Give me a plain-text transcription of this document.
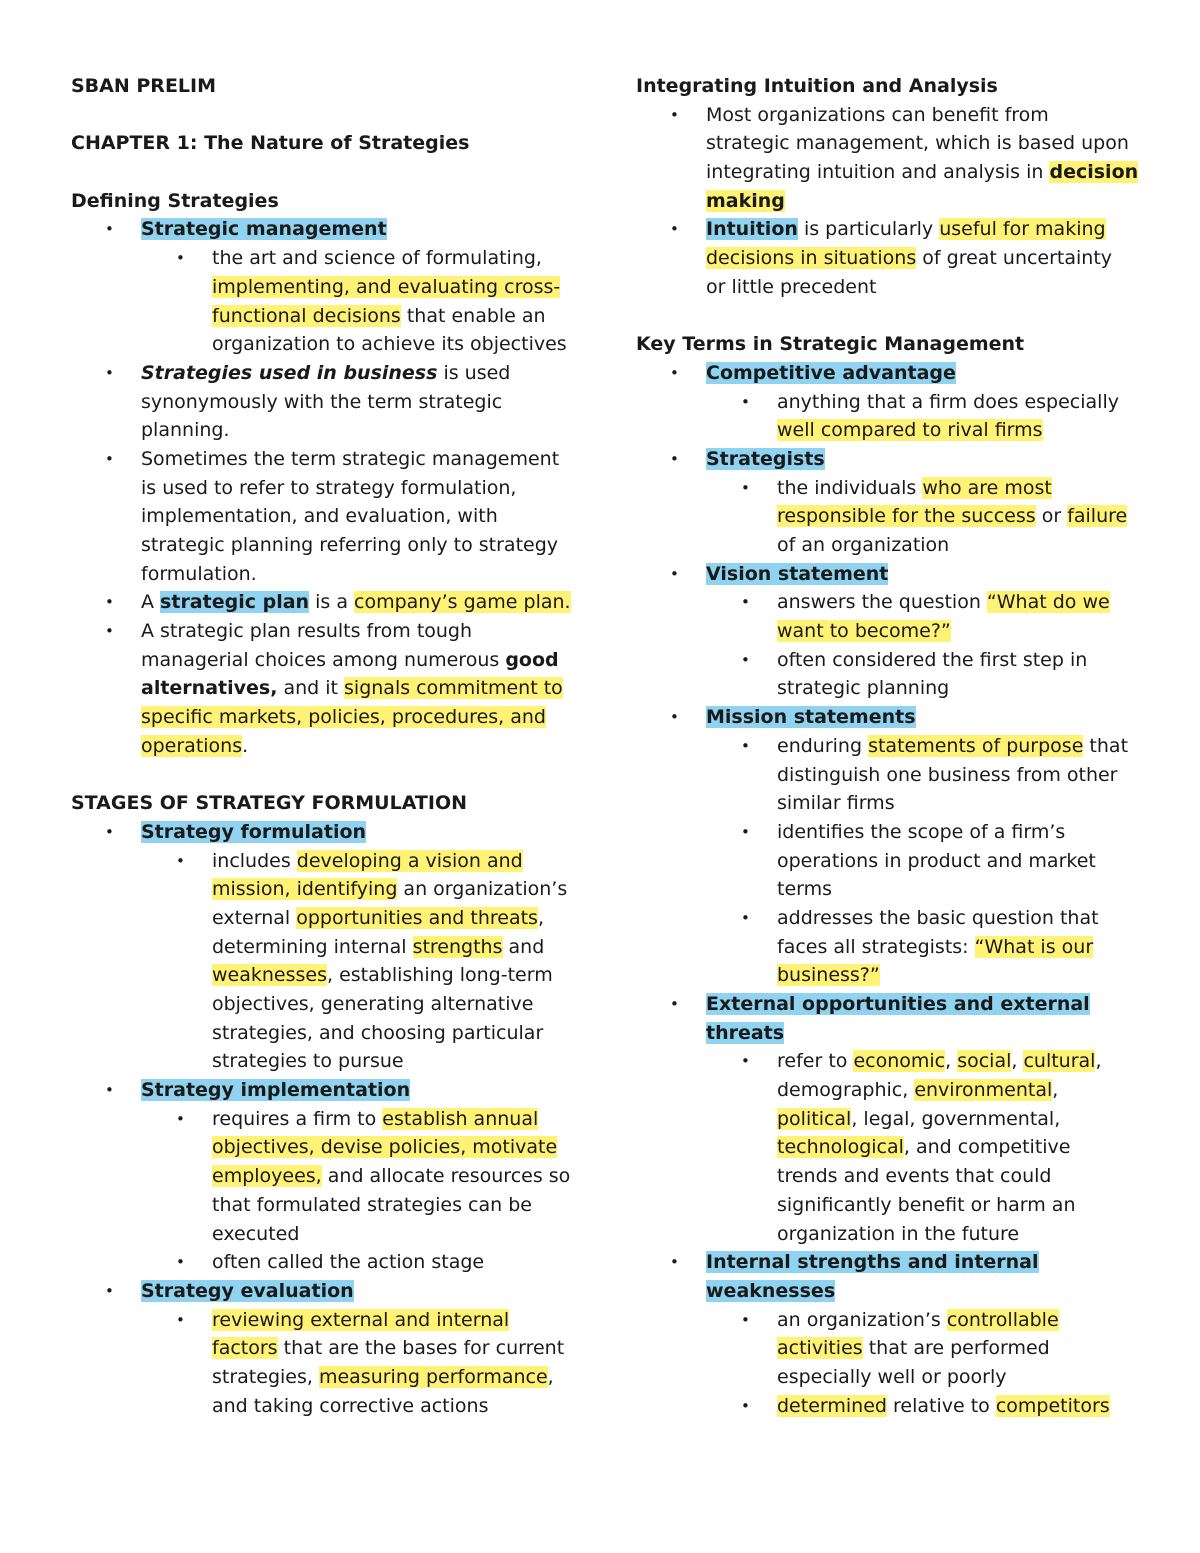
SBAN PRELIM
CHAPTER 1: The Nature of Strategies
Defining Strategies
• Strategic management
• the art and science of formulating,
implementing, and evaluating cross-
functional decisions that enable an
organization to achieve its objectives
• Strategies used in business is used
synonymously with the term strategic
planning.
• Sometimes the term strategic management
is used to refer to strategy formulation,
implementation, and evaluation, with
strategic planning referring only to strategy
formulation.
• A strategic plan is a company’s game plan.
• A strategic plan results from tough
managerial choices among numerous good
alternatives, and it signals commitment to
specific markets, policies, procedures, and
operations.
STAGES OF STRATEGY FORMULATION
• Strategy formulation
• includes developing a vision and
mission, identifying an organization’s
external opportunities and threats,
determining internal strengths and
weaknesses, establishing long-term
objectives, generating alternative
strategies, and choosing particular
strategies to pursue
• Strategy implementation
• requires a firm to establish annual
objectives, devise policies, motivate
employees, and allocate resources so
that formulated strategies can be
executed
• often called the action stage
• Strategy evaluation
• reviewing external and internal
factors that are the bases for current
strategies, measuring performance,
and taking corrective actions
Integrating Intuition and Analysis
• Most organizations can benefit from
strategic management, which is based upon
integrating intuition and analysis in decision
making
• Intuition is particularly useful for making
decisions in situations of great uncertainty
or little precedent
Key Terms in Strategic Management
• Competitive advantage
• anything that a firm does especially
well compared to rival firms
• Strategists
• the individuals who are most
responsible for the success or failure
of an organization
• Vision statement
• answers the question “What do we
want to become?”
• often considered the first step in
strategic planning
• Mission statements
• enduring statements of purpose that
distinguish one business from other
similar firms
• identifies the scope of a firm’s
operations in product and market
terms
• addresses the basic question that
faces all strategists: “What is our
business?”
• External opportunities and external
threats
• refer to economic, social, cultural,
demographic, environmental,
political, legal, governmental,
technological, and competitive
trends and events that could
significantly benefit or harm an
organization in the future
• Internal strengths and internal
weaknesses
• an organization’s controllable
activities that are performed
especially well or poorly
• determined relative to competitors
